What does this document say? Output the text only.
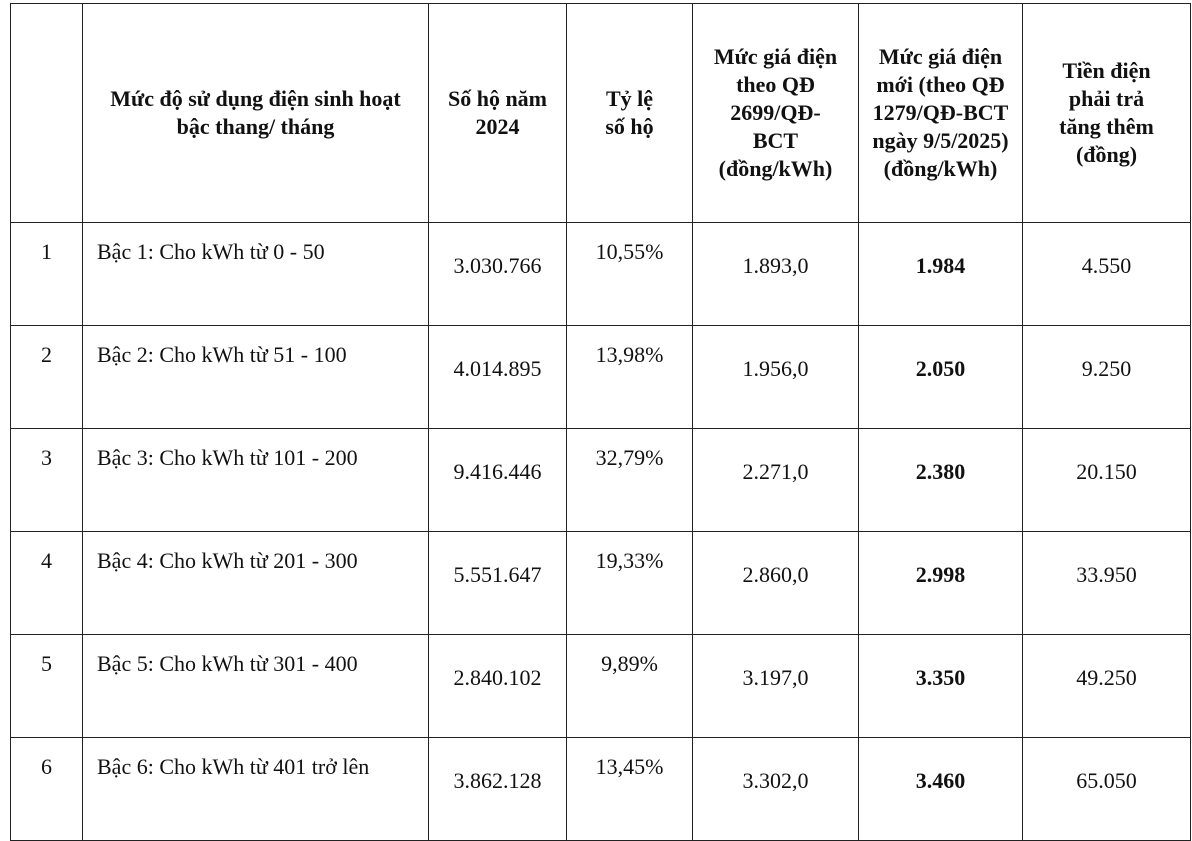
	Mức độ sử dụng điện sinh hoạt bậc thang/ tháng	Số hộ năm 2024	Tỷ lệ số hộ	Mức giá điện theo QĐ 2699/QĐ-BCT (đồng/kWh)	Mức giá điện mới (theo QĐ 1279/QĐ-BCT ngày 9/5/2025) (đồng/kWh)	Tiền điện phải trả tăng thêm (đồng)
1	Bậc 1: Cho kWh từ 0 - 50	3.030.766	10,55%	1.893,0	1.984	4.550
2	Bậc 2: Cho kWh từ 51 - 100	4.014.895	13,98%	1.956,0	2.050	9.250
3	Bậc 3: Cho kWh từ 101 - 200	9.416.446	32,79%	2.271,0	2.380	20.150
4	Bậc 4: Cho kWh từ 201 - 300	5.551.647	19,33%	2.860,0	2.998	33.950
5	Bậc 5: Cho kWh từ 301 - 400	2.840.102	9,89%	3.197,0	3.350	49.250
6	Bậc 6: Cho kWh từ 401 trở lên	3.862.128	13,45%	3.302,0	3.460	65.050
